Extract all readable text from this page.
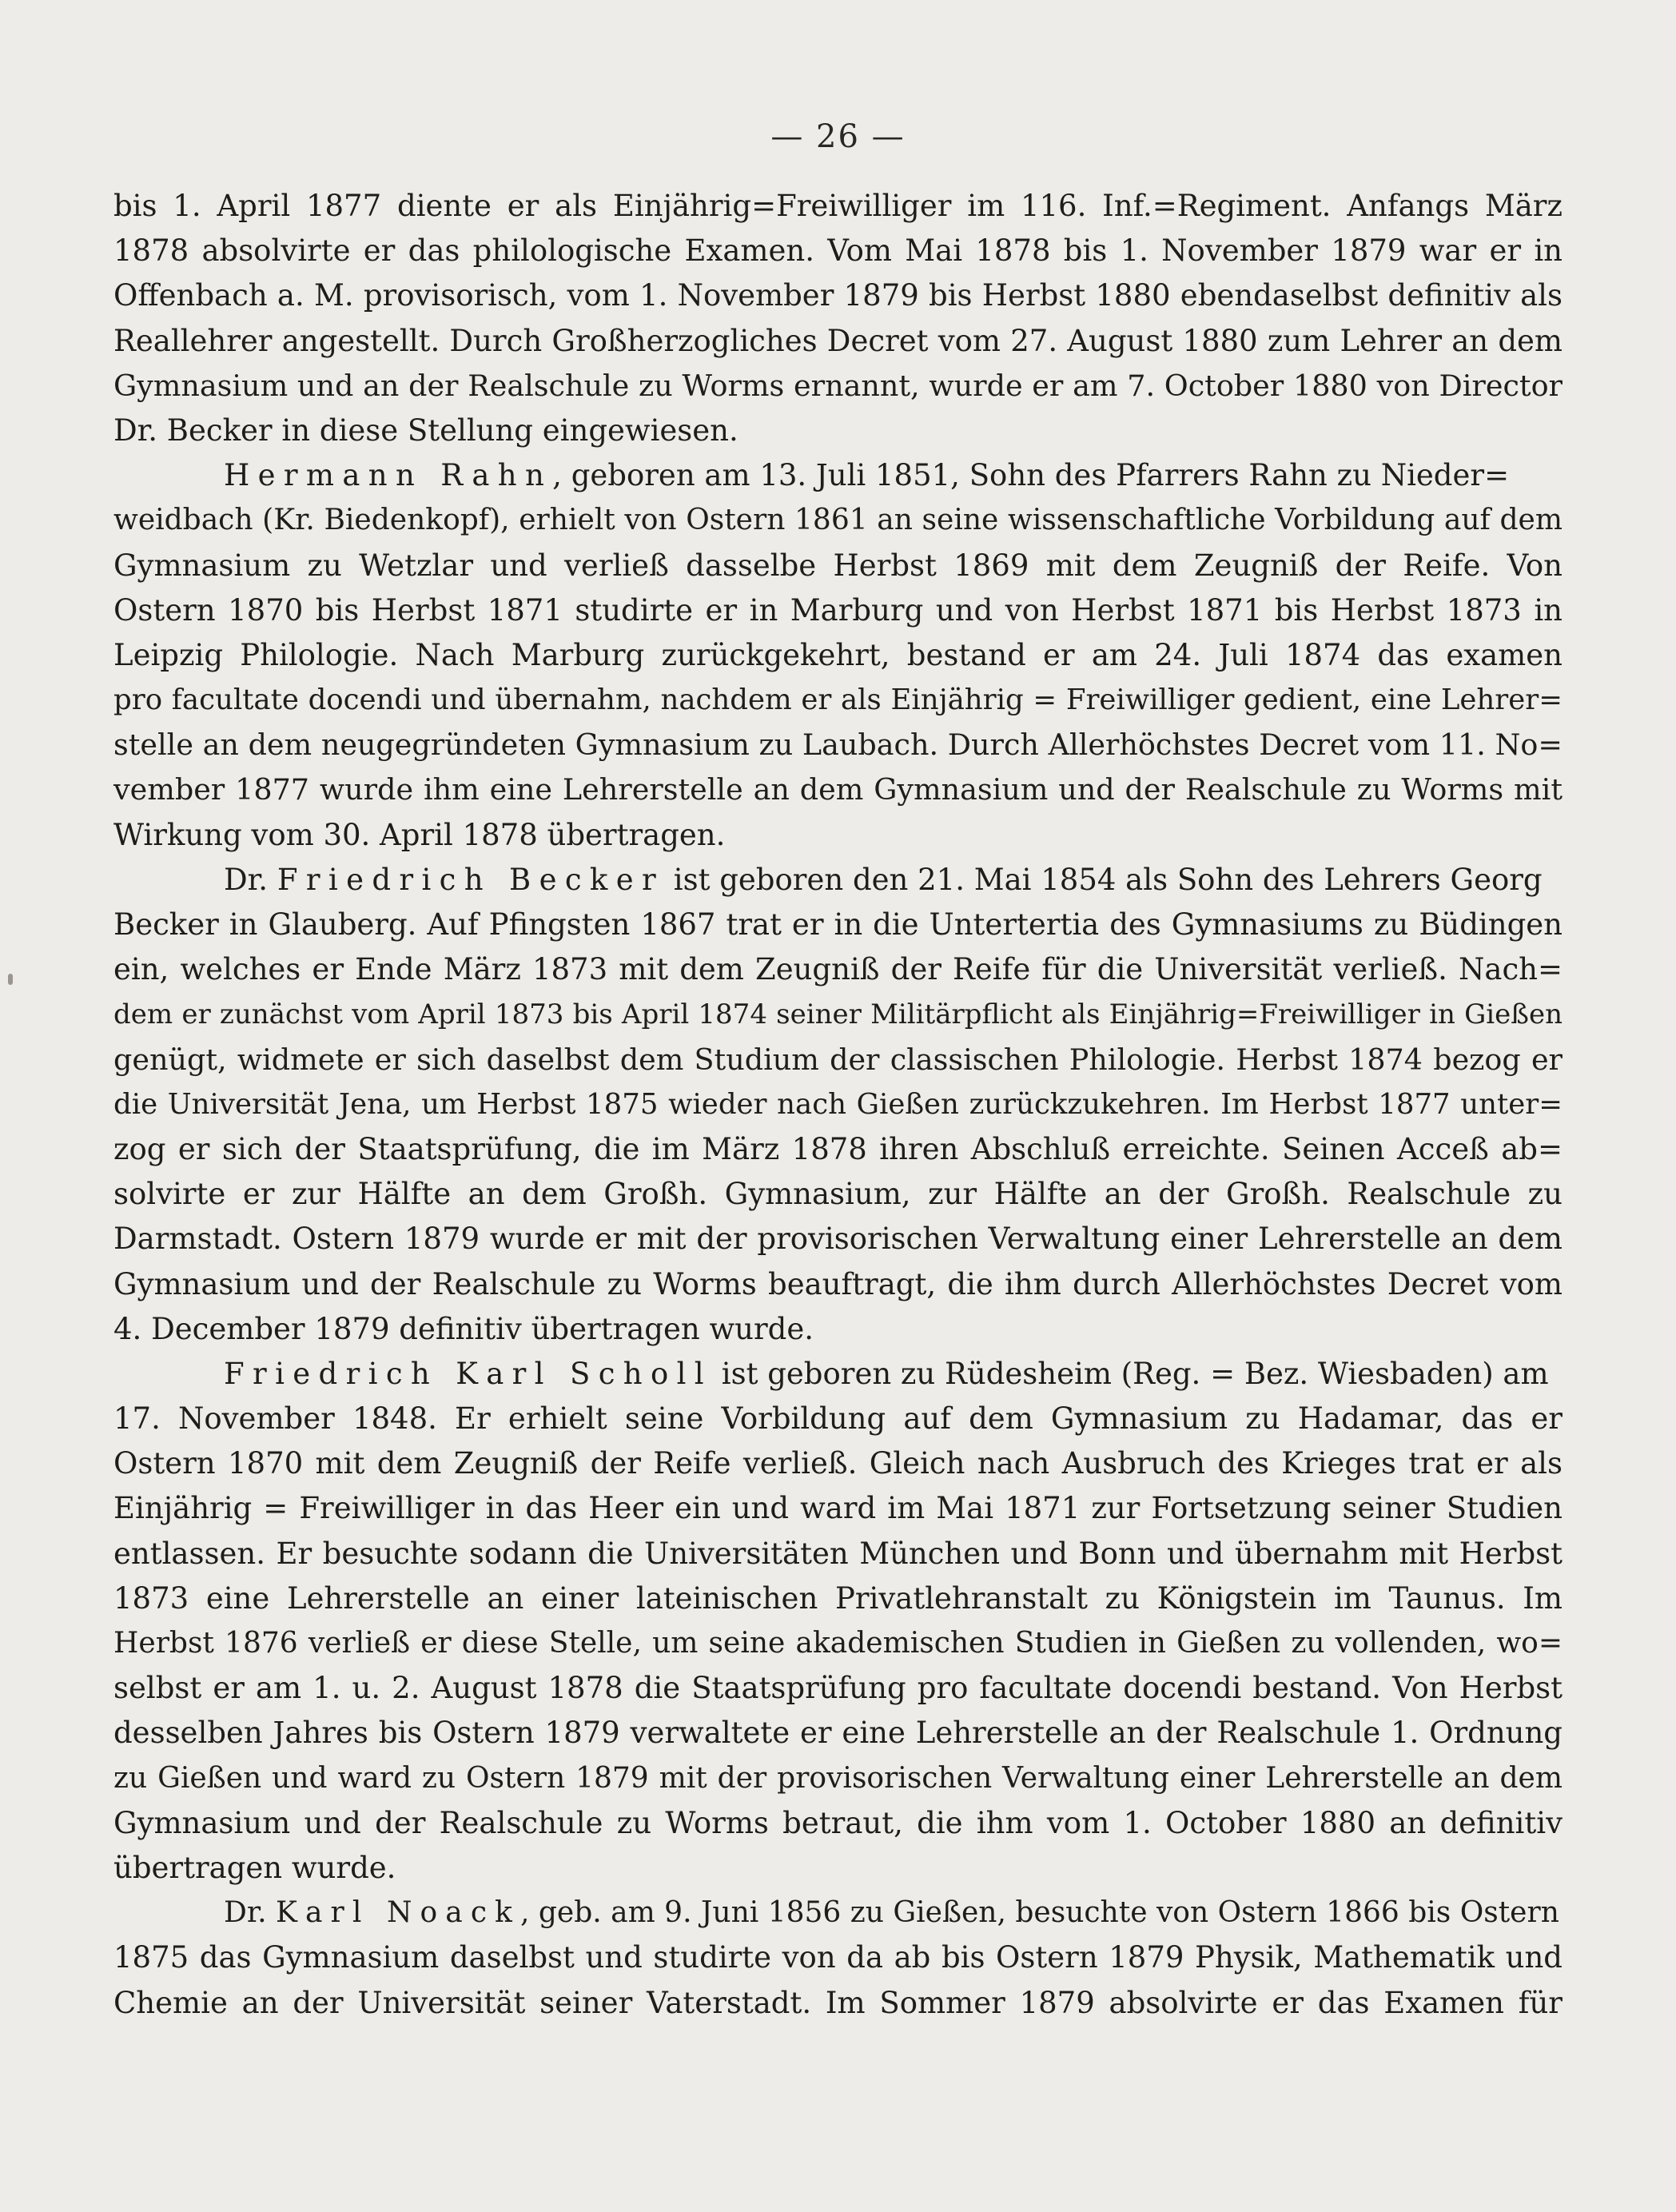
— 26 —
bis 1. April 1877 diente er als Einjährig=Freiwilliger im 116. Inf.=Regiment. Anfangs März
1878 absolvirte er das philologische Examen. Vom Mai 1878 bis 1. November 1879 war er in
Offenbach a. M. provisorisch, vom 1. November 1879 bis Herbst 1880 ebendaselbst definitiv als
Reallehrer angestellt. Durch Großherzogliches Decret vom 27. August 1880 zum Lehrer an dem
Gymnasium und an der Realschule zu Worms ernannt, wurde er am 7. October 1880 von Director
Dr. Becker in diese Stellung eingewiesen.
Hermann Rahn, geboren am 13. Juli 1851, Sohn des Pfarrers Rahn zu Nieder=
weidbach (Kr. Biedenkopf), erhielt von Ostern 1861 an seine wissenschaftliche Vorbildung auf dem
Gymnasium zu Wetzlar und verließ dasselbe Herbst 1869 mit dem Zeugniß der Reife. Von
Ostern 1870 bis Herbst 1871 studirte er in Marburg und von Herbst 1871 bis Herbst 1873 in
Leipzig Philologie. Nach Marburg zurückgekehrt, bestand er am 24. Juli 1874 das examen
pro facultate docendi und übernahm, nachdem er als Einjährig = Freiwilliger gedient, eine Lehrer=
stelle an dem neugegründeten Gymnasium zu Laubach. Durch Allerhöchstes Decret vom 11. No=
vember 1877 wurde ihm eine Lehrerstelle an dem Gymnasium und der Realschule zu Worms mit
Wirkung vom 30. April 1878 übertragen.
Dr. Friedrich Becker ist geboren den 21. Mai 1854 als Sohn des Lehrers Georg
Becker in Glauberg. Auf Pfingsten 1867 trat er in die Untertertia des Gymnasiums zu Büdingen
ein, welches er Ende März 1873 mit dem Zeugniß der Reife für die Universität verließ. Nach=
dem er zunächst vom April 1873 bis April 1874 seiner Militärpflicht als Einjährig=Freiwilliger in Gießen
genügt, widmete er sich daselbst dem Studium der classischen Philologie. Herbst 1874 bezog er
die Universität Jena, um Herbst 1875 wieder nach Gießen zurückzukehren. Im Herbst 1877 unter=
zog er sich der Staatsprüfung, die im März 1878 ihren Abschluß erreichte. Seinen Acceß ab=
solvirte er zur Hälfte an dem Großh. Gymnasium, zur Hälfte an der Großh. Realschule zu
Darmstadt. Ostern 1879 wurde er mit der provisorischen Verwaltung einer Lehrerstelle an dem
Gymnasium und der Realschule zu Worms beauftragt, die ihm durch Allerhöchstes Decret vom
4. December 1879 definitiv übertragen wurde.
Friedrich Karl Scholl ist geboren zu Rüdesheim (Reg. = Bez. Wiesbaden) am
17. November 1848. Er erhielt seine Vorbildung auf dem Gymnasium zu Hadamar, das er
Ostern 1870 mit dem Zeugniß der Reife verließ. Gleich nach Ausbruch des Krieges trat er als
Einjährig = Freiwilliger in das Heer ein und ward im Mai 1871 zur Fortsetzung seiner Studien
entlassen. Er besuchte sodann die Universitäten München und Bonn und übernahm mit Herbst
1873 eine Lehrerstelle an einer lateinischen Privatlehranstalt zu Königstein im Taunus. Im
Herbst 1876 verließ er diese Stelle, um seine akademischen Studien in Gießen zu vollenden, wo=
selbst er am 1. u. 2. August 1878 die Staatsprüfung pro facultate docendi bestand. Von Herbst
desselben Jahres bis Ostern 1879 verwaltete er eine Lehrerstelle an der Realschule 1. Ordnung
zu Gießen und ward zu Ostern 1879 mit der provisorischen Verwaltung einer Lehrerstelle an dem
Gymnasium und der Realschule zu Worms betraut, die ihm vom 1. October 1880 an definitiv
übertragen wurde.
Dr. Karl Noack, geb. am 9. Juni 1856 zu Gießen, besuchte von Ostern 1866 bis Ostern
1875 das Gymnasium daselbst und studirte von da ab bis Ostern 1879 Physik, Mathematik und
Chemie an der Universität seiner Vaterstadt. Im Sommer 1879 absolvirte er das Examen für
